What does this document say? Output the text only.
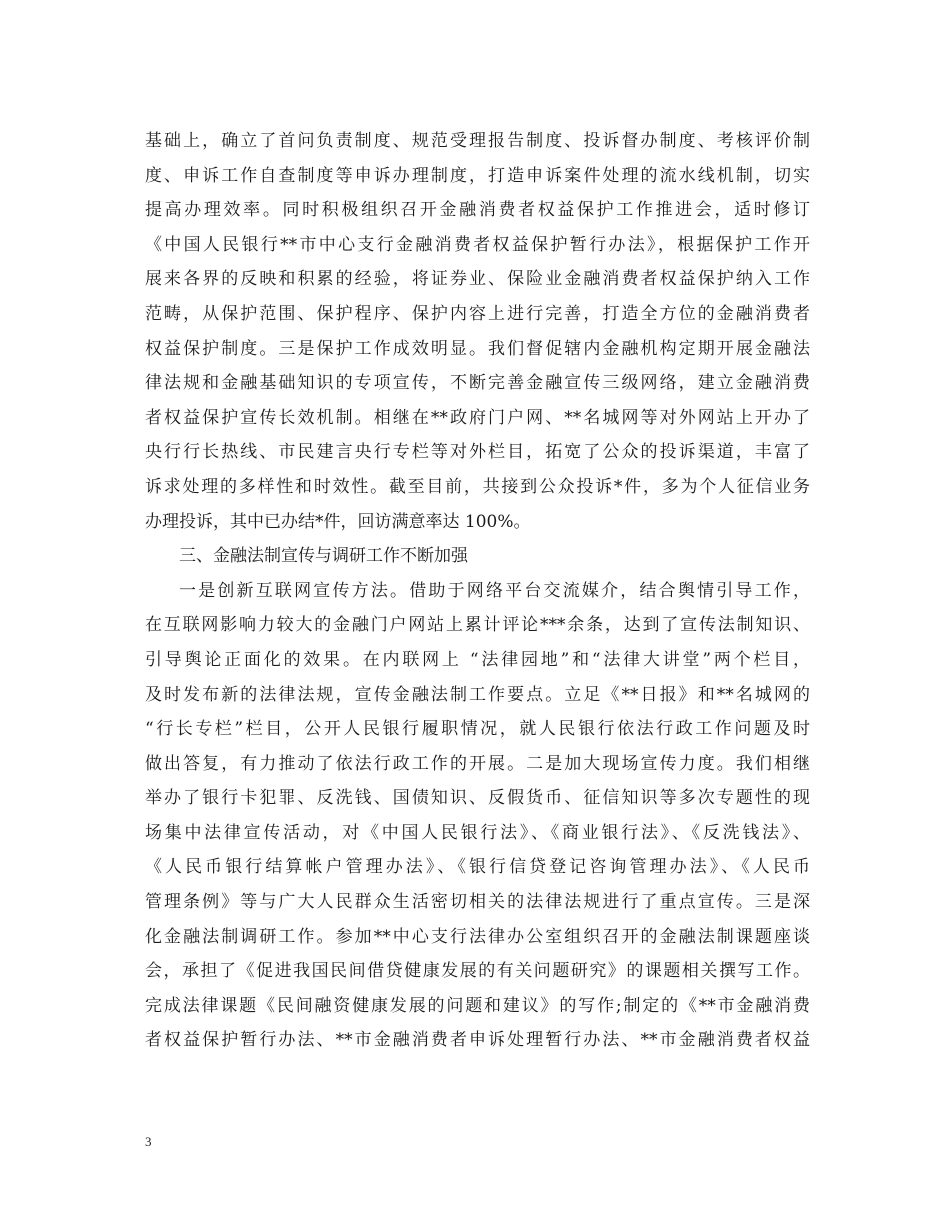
基础上，确立了首问负责制度、规范受理报告制度、投诉督办制度、考核评价制
度、申诉工作自查制度等申诉办理制度，打造申诉案件处理的流水线机制，切实
提高办理效率。同时积极组织召开金融消费者权益保护工作推进会，适时修订
《中国人民银行**市中心支行金融消费者权益保护暂行办法》，根据保护工作开
展来各界的反映和积累的经验，将证券业、保险业金融消费者权益保护纳入工作
范畴，从保护范围、保护程序、保护内容上进行完善，打造全方位的金融消费者
权益保护制度。三是保护工作成效明显。我们督促辖内金融机构定期开展金融法
律法规和金融基础知识的专项宣传，不断完善金融宣传三级网络，建立金融消费
者权益保护宣传长效机制。相继在**政府门户网、**名城网等对外网站上开办了
央行行长热线、市民建言央行专栏等对外栏目，拓宽了公众的投诉渠道，丰富了
诉求处理的多样性和时效性。截至目前，共接到公众投诉*件，多为个人征信业务
办理投诉，其中已办结*件，回访满意率达 100%。
三、金融法制宣传与调研工作不断加强
一是创新互联网宣传方法。借助于网络平台交流媒介，结合舆情引导工作，
在互联网影响力较大的金融门户网站上累计评论***余条，达到了宣传法制知识、
引导舆论正面化的效果。在内联网上 “法律园地”和“法律大讲堂”两个栏目，
及时发布新的法律法规，宣传金融法制工作要点。立足《**日报》和**名城网的
“行长专栏”栏目，公开人民银行履职情况，就人民银行依法行政工作问题及时
做出答复，有力推动了依法行政工作的开展。二是加大现场宣传力度。我们相继
举办了银行卡犯罪、反洗钱、国债知识、反假货币、征信知识等多次专题性的现
场集中法律宣传活动，对《中国人民银行法》、《商业银行法》、《反洗钱法》、
《人民币银行结算帐户管理办法》、《银行信贷登记咨询管理办法》、《人民币
管理条例》等与广大人民群众生活密切相关的法律法规进行了重点宣传。三是深
化金融法制调研工作。参加**中心支行法律办公室组织召开的金融法制课题座谈
会，承担了《促进我国民间借贷健康发展的有关问题研究》的课题相关撰写工作。
完成法律课题《民间融资健康发展的问题和建议》的写作;制定的《**市金融消费
者权益保护暂行办法、**市金融消费者申诉处理暂行办法、**市金融消费者权益
3
